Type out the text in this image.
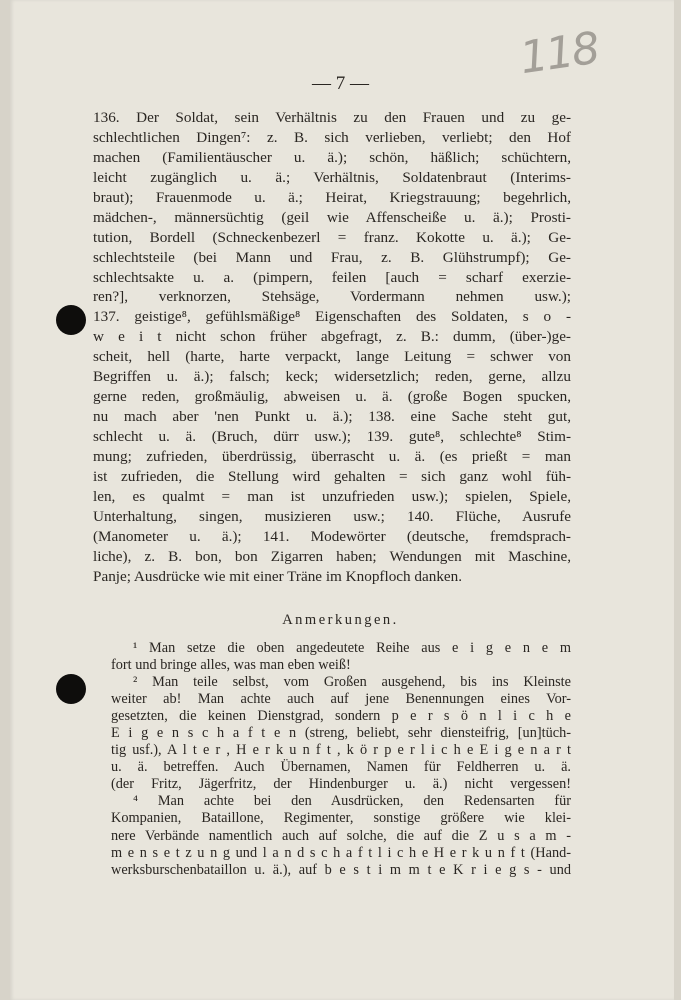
118
— 7 —
136. Der Soldat, sein Verhältnis zu den Frauen und zu ge-
schlechtlichen Dingen⁷: z. B. sich verlieben, verliebt; den Hof
machen (Familientäuscher u. ä.); schön, häßlich; schüchtern,
leicht zugänglich u. ä.; Verhältnis, Soldatenbraut (Interims-
braut); Frauenmode u. ä.; Heirat, Kriegstrauung; begehrlich,
mädchen-, männersüchtig (geil wie Affenscheiße u. ä.); Prosti-
tution, Bordell (Schneckenbezerl = franz. Kokotte u. ä.); Ge-
schlechtsteile (bei Mann und Frau, z. B. Glühstrumpf); Ge-
schlechtsakte u. a. (pimpern, feilen [auch = scharf exerzie-
ren?], verknorzen, Stehsäge, Vordermann nehmen usw.);
137. geistige⁸, gefühlsmäßige⁸ Eigenschaften des Soldaten, s o -
w e i t nicht schon früher abgefragt, z. B.: dumm, (über-)ge-
scheit, hell (harte, harte verpackt, lange Leitung = schwer von
Begriffen u. ä.); falsch; keck; widersetzlich; reden, gerne, allzu
gerne reden, großmäulig, abweisen u. ä. (große Bogen spucken,
nu mach aber 'nen Punkt u. ä.); 138. eine Sache steht gut,
schlecht u. ä. (Bruch, dürr usw.); 139. gute⁸, schlechte⁸ Stim-
mung; zufrieden, überdrüssig, überrascht u. ä. (es prießt = man
ist zufrieden, die Stellung wird gehalten = sich ganz wohl füh-
len, es qualmt = man ist unzufrieden usw.); spielen, Spiele,
Unterhaltung, singen, musizieren usw.; 140. Flüche, Ausrufe
(Manometer u. ä.); 141. Modewörter (deutsche, fremdsprach-
liche), z. B. bon, bon Zigarren haben; Wendungen mit Maschine,
Panje; Ausdrücke wie mit einer Träne im Knopfloch danken.
Anmerkungen.
¹ Man setze die oben angedeutete Reihe aus e i g e n e m
fort und bringe alles, was man eben weiß!
² Man teile selbst, vom Großen ausgehend, bis ins Kleinste
weiter ab! Man achte auch auf jene Benennungen eines Vor-
gesetzten, die keinen Dienstgrad, sondern p e r s ö n l i c h e
E i g e n s c h a f t e n (streng, beliebt, sehr diensteifrig, [un]tüch-
tig usf.), A l t e r , H e r k u n f t , k ö r p e r l i c h e E i g e n a r t
u. ä. betreffen. Auch Übernamen, Namen für Feldherren u. ä.
(der Fritz, Jägerfritz, der Hindenburger u. ä.) nicht vergessen!
⁴ Man achte bei den Ausdrücken, den Redensarten für
Kompanien, Bataillone, Regimenter, sonstige größere wie klei-
nere Verbände namentlich auch auf solche, die auf die Z u s a m -
m e n s e t z u n g und l a n d s c h a f t l i c h e H e r k u n f t (Hand-
werksburschenbataillon u. ä.), auf b e s t i m m t e K r i e g s - und
